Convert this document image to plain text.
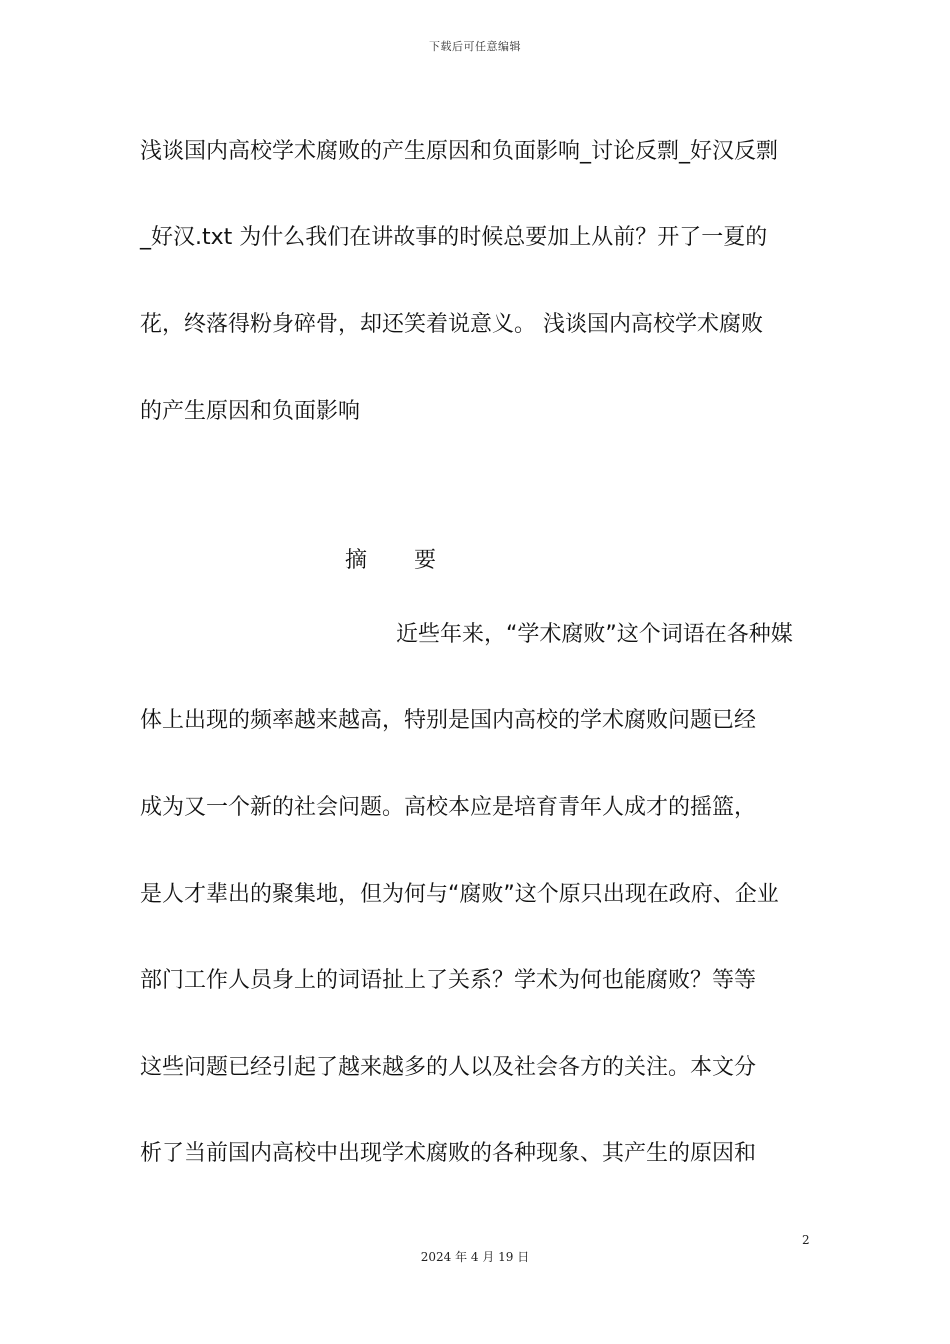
下载后可任意编辑
浅谈国内高校学术腐败的产生原因和负面影响_讨论反剽_好汉反剽
_好汉.txt 为什么我们在讲故事的时候总要加上从前？开了一夏的
花，终落得粉身碎骨，却还笑着说意义。 浅谈国内高校学术腐败
的产生原因和负面影响
摘 要
近些年来，“学术腐败”这个词语在各种媒
体上出现的频率越来越高，特别是国内高校的学术腐败问题已经
成为又一个新的社会问题。高校本应是培育青年人成才的摇篮，
是人才辈出的聚集地，但为何与“腐败”这个原只出现在政府、企业
部门工作人员身上的词语扯上了关系？学术为何也能腐败？等等
这些问题已经引起了越来越多的人以及社会各方的关注。本文分
析了当前国内高校中出现学术腐败的各种现象、其产生的原因和
2
2024 年 4 月 19 日
